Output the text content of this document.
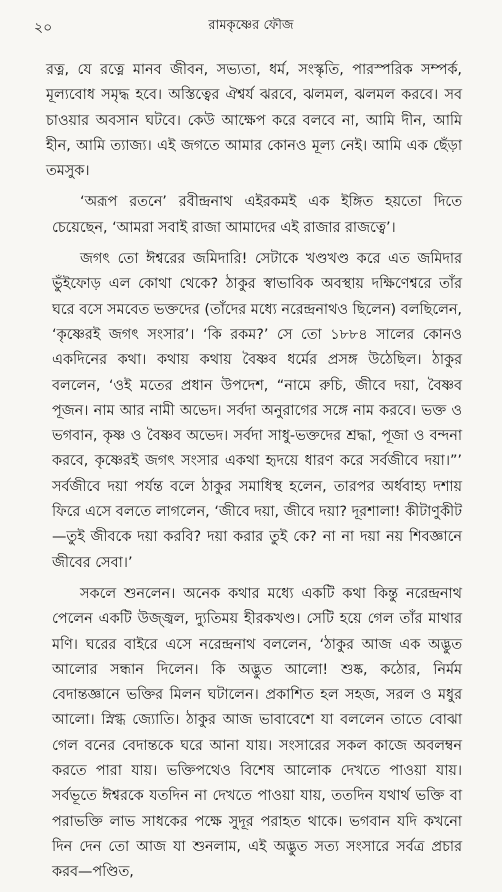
২০	রামকৃষ্ণের ফৌজ

রত্ন, যে রত্নে মানব জীবন, সভ্যতা, ধর্ম, সংস্কৃতি, পারস্পরিক সম্পর্ক, মূল্যবোধ সমৃদ্ধ হবে। অস্তিত্বের ঐশ্বর্য ঝরবে, ঝলমল, ঝলমল করবে। সব চাওয়ার অবসান ঘটবে। কেউ আক্ষেপ করে বলবে না, আমি দীন, আমি হীন, আমি ত্যাজ্য। এই জগতে আমার কোনও মূল্য নেই। আমি এক ছেঁড়া তমসুক।

‘অরূপ রতনে’ রবীন্দ্রনাথ এইরকমই এক ইঙ্গিত হয়তো দিতে চেয়েছেন, ‘আমরা সবাই রাজা আমাদের এই রাজার রাজত্বে’।

জগৎ তো ঈশ্বরের জমিদারি! সেটাকে খণ্ডখণ্ড করে এত জমিদার ভুঁইফোড় এল কোথা থেকে? ঠাকুর স্বাভাবিক অবস্থায় দক্ষিণেশ্বরে তাঁর ঘরে বসে সমবেত ভক্তদের (তাঁদের মধ্যে নরেন্দ্রনাথও ছিলেন) বলছিলেন, ‘কৃষ্ণেরই জগৎ সংসার’। ‘কি রকম?’ সে তো ১৮৮৪ সালের কোনও একদিনের কথা। কথায় কথায় বৈষ্ণব ধর্মের প্রসঙ্গ উঠেছিল। ঠাকুর বললেন, ‘ওই মতের প্রধান উপদেশ, “নামে রুচি, জীবে দয়া, বৈষ্ণব পূজন। নাম আর নামী অভেদ। সর্বদা অনুরাগের সঙ্গে নাম করবে। ভক্ত ও ভগবান, কৃষ্ণ ও বৈষ্ণব অভেদ। সর্বদা সাধু-ভক্তদের শ্রদ্ধা, পূজা ও বন্দনা করবে, কৃষ্ণেরই জগৎ সংসার একথা হৃদয়ে ধারণ করে সর্বজীবে দয়া।”’ সর্বজীবে দয়া পর্যন্ত বলে ঠাকুর সমাধিস্থ হলেন, তারপর অর্ধবাহ্য দশায় ফিরে এসে বলতে লাগলেন, ‘জীবে দয়া, জীবে দয়া? দূরশালা! কীটাণুকীট—তুই জীবকে দয়া করবি? দয়া করার তুই কে? না না দয়া নয় শিবজ্ঞানে জীবের সেবা।’

সকলে শুনলেন। অনেক কথার মধ্যে একটি কথা কিন্তু নরেন্দ্রনাথ পেলেন একটি উজ্জ্বল, দ্যুতিময় হীরকখণ্ড। সেটি হয়ে গেল তাঁর মাথার মণি। ঘরের বাইরে এসে নরেন্দ্রনাথ বললেন, ‘ঠাকুর আজ এক অদ্ভুত আলোর সন্ধান দিলেন। কি অদ্ভুত আলো! শুষ্ক, কঠোর, নির্মম বেদান্তজ্ঞানে ভক্তির মিলন ঘটালেন। প্রকাশিত হল সহজ, সরল ও মধুর আলো। স্নিগ্ধ জ্যোতি। ঠাকুর আজ ভাবাবেশে যা বললেন তাতে বোঝা গেল বনের বেদান্তকে ঘরে আনা যায়। সংসারের সকল কাজে অবলম্বন করতে পারা যায়। ভক্তিপথেও বিশেষ আলোক দেখতে পাওয়া যায়। সর্বভূতে ঈশ্বরকে যতদিন না দেখতে পাওয়া যায়, ততদিন যথার্থ ভক্তি বা পরাভক্তি লাভ সাধকের পক্ষে সুদূর পরাহত থাকে। ভগবান যদি কখনো দিন দেন তো আজ যা শুনলাম, এই অদ্ভুত সত্য সংসারে সর্বত্র প্রচার করব—পণ্ডিত,
